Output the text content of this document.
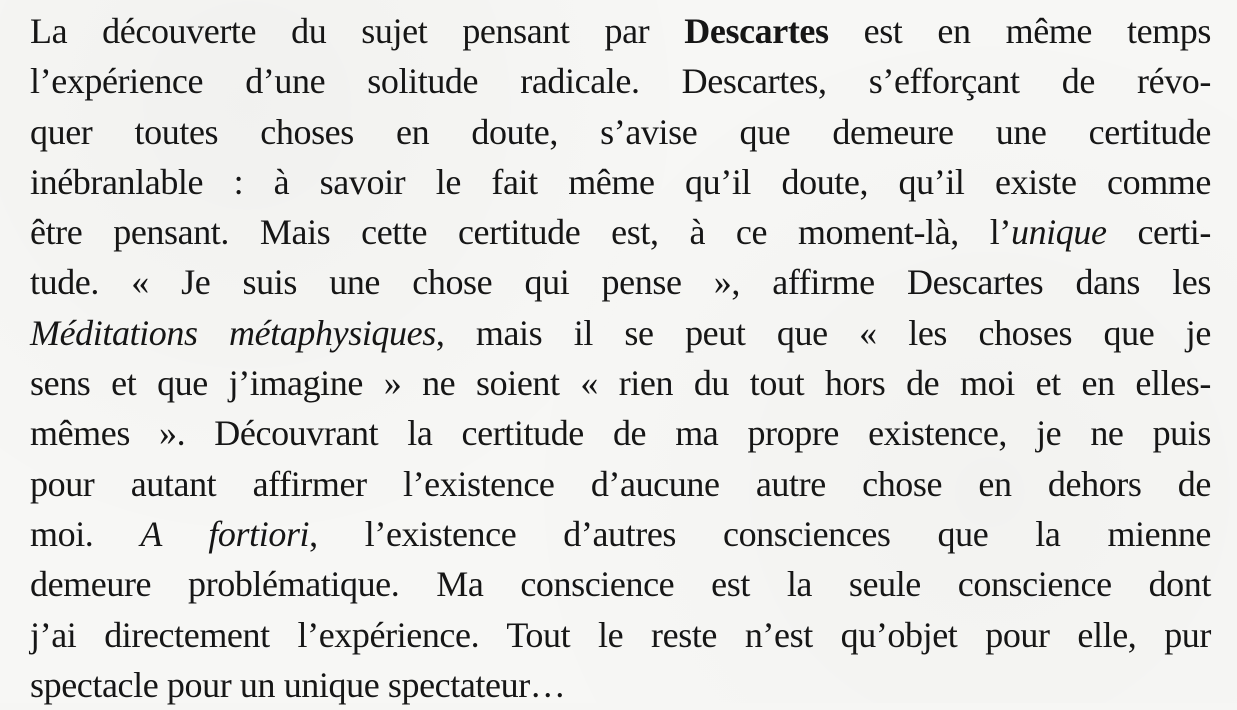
La découverte du sujet pensant par Descartes est en même temps
l’expérience d’une solitude radicale. Descartes, s’efforçant de révo-
quer toutes choses en doute, s’avise que demeure une certitude
inébranlable : à savoir le fait même qu’il doute, qu’il existe comme
être pensant. Mais cette certitude est, à ce moment-là, l’unique certi-
tude. « Je suis une chose qui pense », affirme Descartes dans les
Méditations métaphysiques, mais il se peut que « les choses que je
sens et que j’imagine » ne soient « rien du tout hors de moi et en elles-
mêmes ». Découvrant la certitude de ma propre existence, je ne puis
pour autant affirmer l’existence d’aucune autre chose en dehors de
moi. A fortiori, l’existence d’autres consciences que la mienne
demeure problématique. Ma conscience est la seule conscience dont
j’ai directement l’expérience. Tout le reste n’est qu’objet pour elle, pur
spectacle pour un unique spectateur…
